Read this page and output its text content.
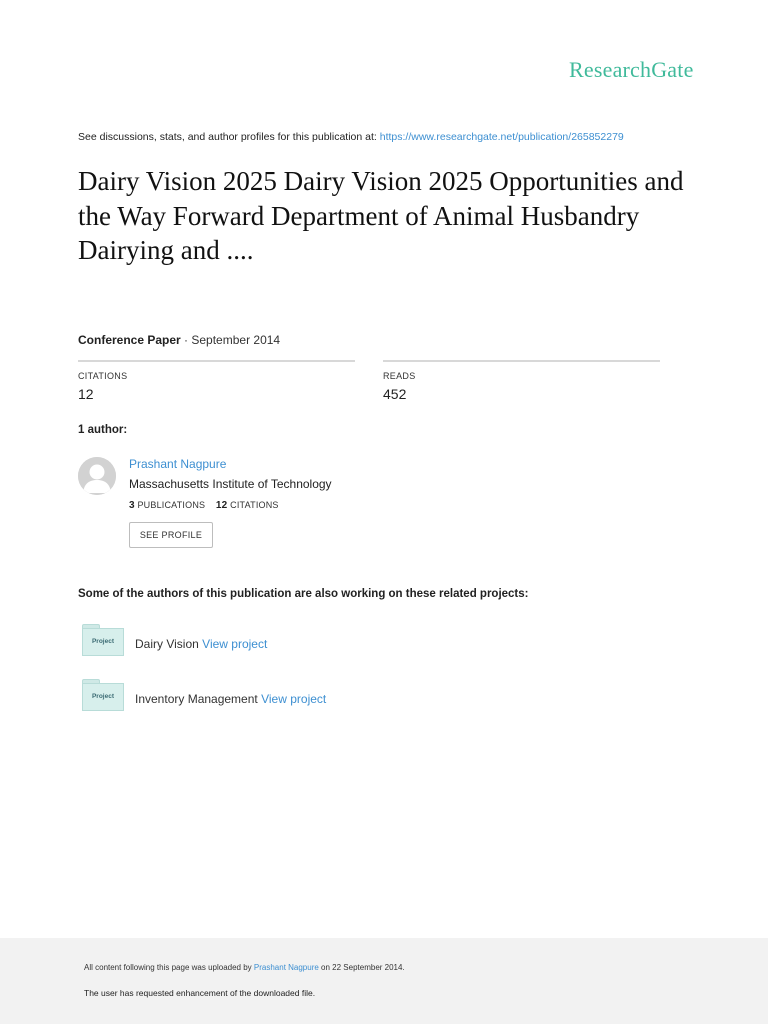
ResearchGate
See discussions, stats, and author profiles for this publication at: https://www.researchgate.net/publication/265852279
Dairy Vision 2025 Dairy Vision 2025 Opportunities and the Way Forward Department of Animal Husbandry Dairying and ....
Conference Paper · September 2014
CITATIONS
12
READS
452
1 author:
Prashant Nagpure
Massachusetts Institute of Technology
3 PUBLICATIONS 12 CITATIONS
SEE PROFILE
Some of the authors of this publication are also working on these related projects:
Project	Dairy Vision View project
Project	Inventory Management View project
All content following this page was uploaded by Prashant Nagpure on 22 September 2014.
The user has requested enhancement of the downloaded file.
